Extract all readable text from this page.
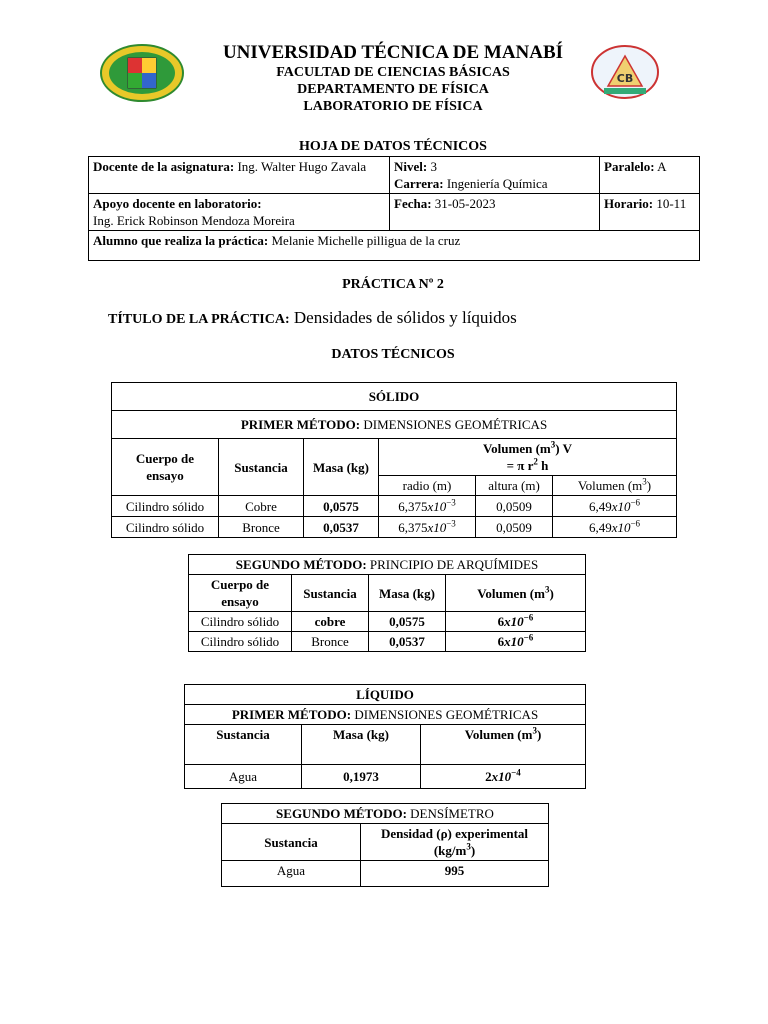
CB
UNIVERSIDAD TÉCNICA DE MANABÍ
FACULTAD DE CIENCIAS BÁSICAS
DEPARTAMENTO DE FÍSICA
LABORATORIO DE FÍSICA
HOJA DE DATOS TÉCNICOS
Docente de la asignatura: Ing. Walter Hugo Zavala	Nivel: 3
Carrera: Ingeniería Química	Paralelo: A
Apoyo docente en laboratorio:
Ing. Erick Robinson Mendoza Moreira	Fecha: 31-05-2023	Horario: 10-11
Alumno que realiza la práctica: Melanie Michelle pilligua de la cruz		
PRÁCTICA Nº 2
TÍTULO DE LA PRÁCTICA: Densidades de sólidos y líquidos
DATOS TÉCNICOS
SÓLIDO					
PRIMER MÉTODO: DIMENSIONES GEOMÉTRICAS					
Cuerpo de ensayo	Sustancia	Masa (kg)	Volumen $(m^3)$ V
= π $r^2$ h		
			radio (m)	altura (m)	Volumen $(m^3)$
Cilindro sólido	Cobre	0,0575	$6,375x10^{-3}$	0,0509	$6,49x10^{-6}$
Cilindro sólido	Bronce	0,0537	$6,375x10^{-3}$	0,0509	$6,49x10^{-6}$
SEGUNDO MÉTODO: PRINCIPIO DE ARQUÍMIDES			
Cuerpo de ensayo	Sustancia	Masa (kg)	Volumen $(m^3)$
Cilindro sólido	cobre	0,0575	$6x10^{-6}$
Cilindro sólido	Bronce	0,0537	$6x10^{-6}$
LÍQUIDO		
PRIMER MÉTODO: DIMENSIONES GEOMÉTRICAS		
Sustancia	Masa (kg)	Volumen $(m^3)$
Agua	0,1973	$2x10^{-4}$
SEGUNDO MÉTODO: DENSÍMETRO	
Sustancia	Densidad (ρ) experimental $(kg/m^3)$
Agua	995
